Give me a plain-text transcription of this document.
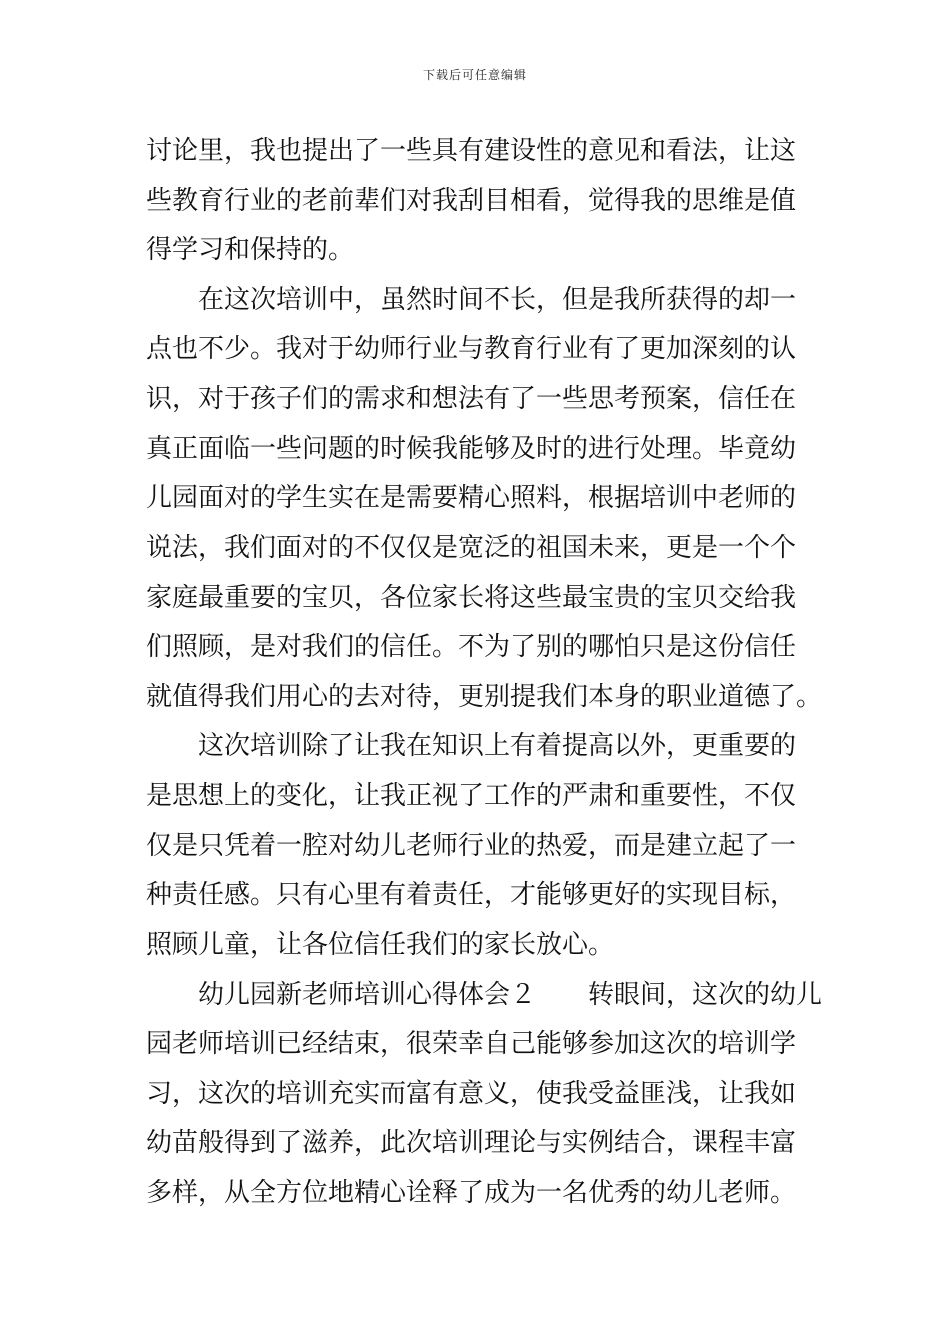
下载后可任意编辑
讨论里，我也提出了一些具有建设性的意见和看法，让这
些教育行业的老前辈们对我刮目相看，觉得我的思维是值
得学习和保持的。
在这次培训中，虽然时间不长，但是我所获得的却一
点也不少。我对于幼师行业与教育行业有了更加深刻的认
识，对于孩子们的需求和想法有了一些思考预案，信任在
真正面临一些问题的时候我能够及时的进行处理。毕竟幼
儿园面对的学生实在是需要精心照料，根据培训中老师的
说法，我们面对的不仅仅是宽泛的祖国未来，更是一个个
家庭最重要的宝贝，各位家长将这些最宝贵的宝贝交给我
们照顾，是对我们的信任。不为了别的哪怕只是这份信任
就值得我们用心的去对待，更别提我们本身的职业道德了。
这次培训除了让我在知识上有着提高以外，更重要的
是思想上的变化，让我正视了工作的严肃和重要性，不仅
仅是只凭着一腔对幼儿老师行业的热爱，而是建立起了一
种责任感。只有心里有着责任，才能够更好的实现目标，
照顾儿童，让各位信任我们的家长放心。
幼儿园新老师培训心得体会２　　转眼间，这次的幼儿
园老师培训已经结束，很荣幸自己能够参加这次的培训学
习，这次的培训充实而富有意义，使我受益匪浅，让我如
幼苗般得到了滋养，此次培训理论与实例结合，课程丰富
多样，从全方位地精心诠释了成为一名优秀的幼儿老师。
